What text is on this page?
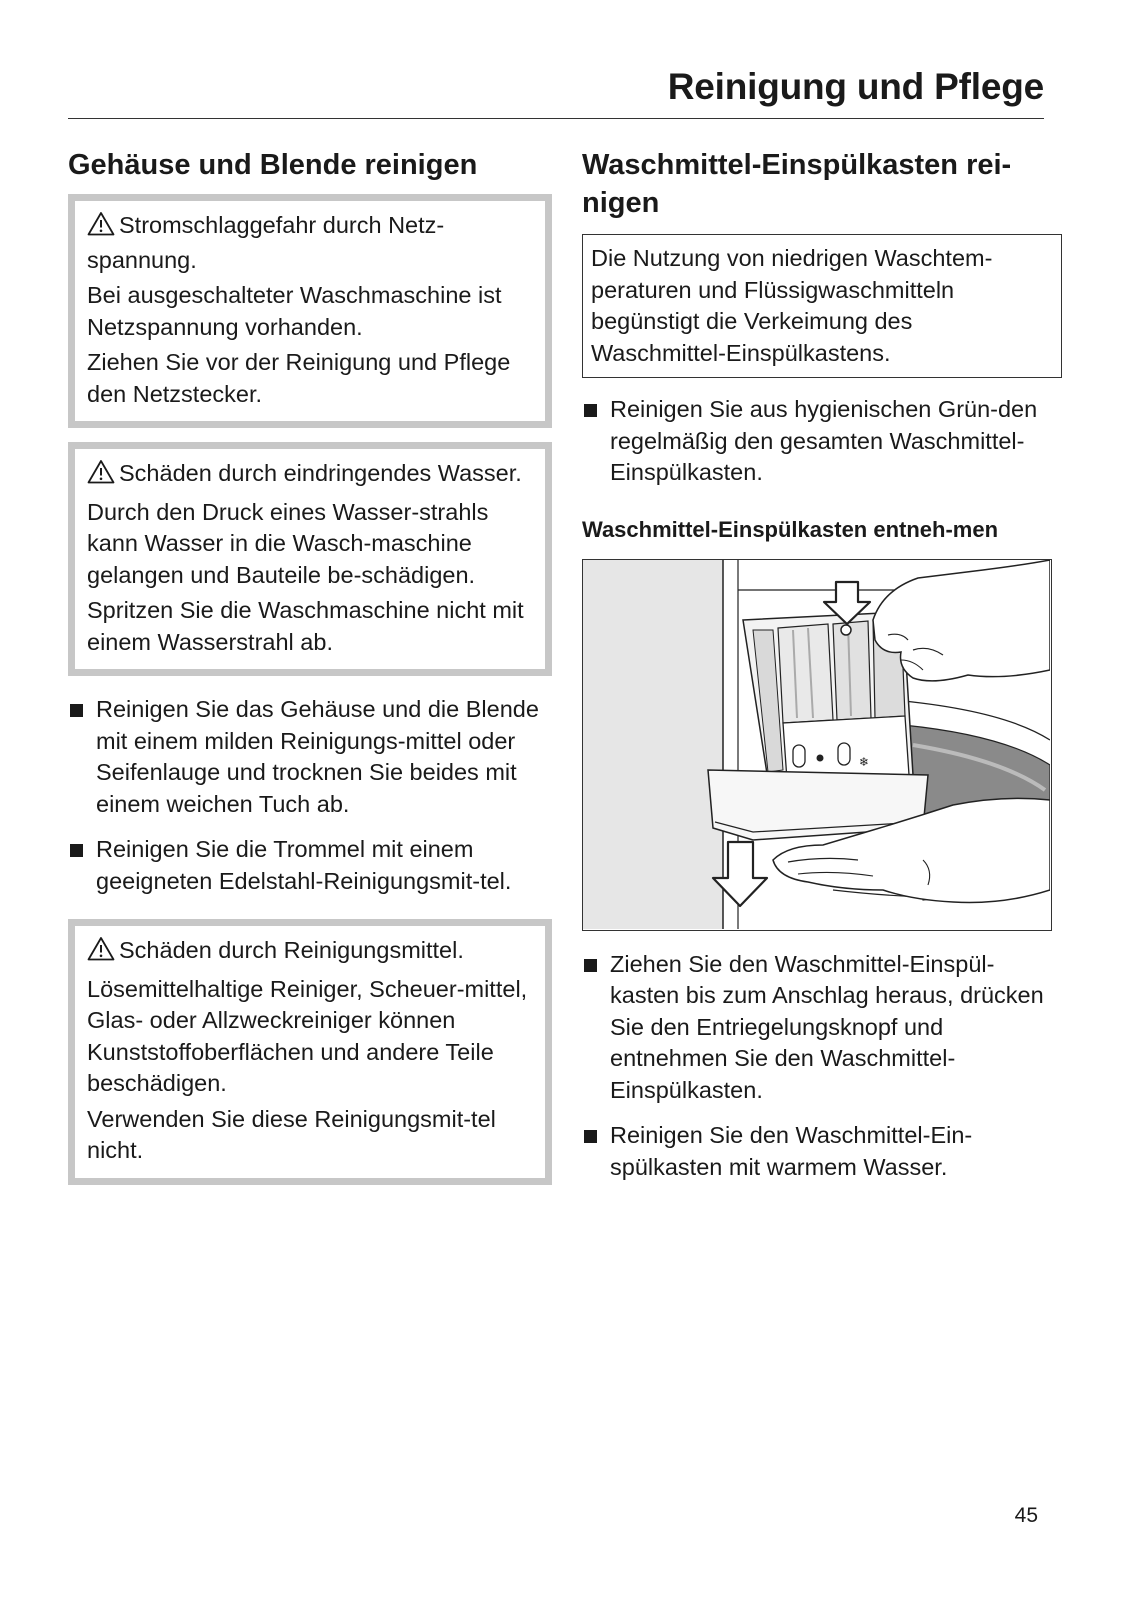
Reinigung und Pflege
Gehäuse und Blende reinigen

Stromschlaggefahr durch Netz-spannung.

Bei ausgeschalteter Waschmaschine ist Netzspannung vorhanden.

Ziehen Sie vor der Reinigung und Pflege den Netzstecker.

Schäden durch eindringendes Wasser.

Durch den Druck eines Wasser-strahls kann Wasser in die Wasch-maschine gelangen und Bauteile be-schädigen.

Spritzen Sie die Waschmaschine nicht mit einem Wasserstrahl ab.

Reinigen Sie das Gehäuse und die Blende mit einem milden Reinigungs-mittel oder Seifenlauge und trocknen Sie beides mit einem weichen Tuch ab.
Reinigen Sie die Trommel mit einem geeigneten Edelstahl-Reinigungsmit-tel.

Schäden durch Reinigungsmittel.

Lösemittelhaltige Reiniger, Scheuer-mittel, Glas- oder Allzweckreiniger können Kunststoffoberflächen und andere Teile beschädigen.

Verwenden Sie diese Reinigungsmit-tel nicht.

Waschmittel-Einspülkasten rei-nigen
Die Nutzung von niedrigen Waschtem-peraturen und Flüssigwaschmitteln begünstigt die Verkeimung des Waschmittel-Einspülkastens.
Reinigen Sie aus hygienischen Grün-den regelmäßig den gesamten Waschmittel-Einspülkasten.
Waschmittel-Einspülkasten entneh-men
❄
Ziehen Sie den Waschmittel-Einspül-kasten bis zum Anschlag heraus, drücken Sie den Entriegelungsknopf und entnehmen Sie den Waschmittel-Einspülkasten.
Reinigen Sie den Waschmittel-Ein-spülkasten mit warmem Wasser.

45
